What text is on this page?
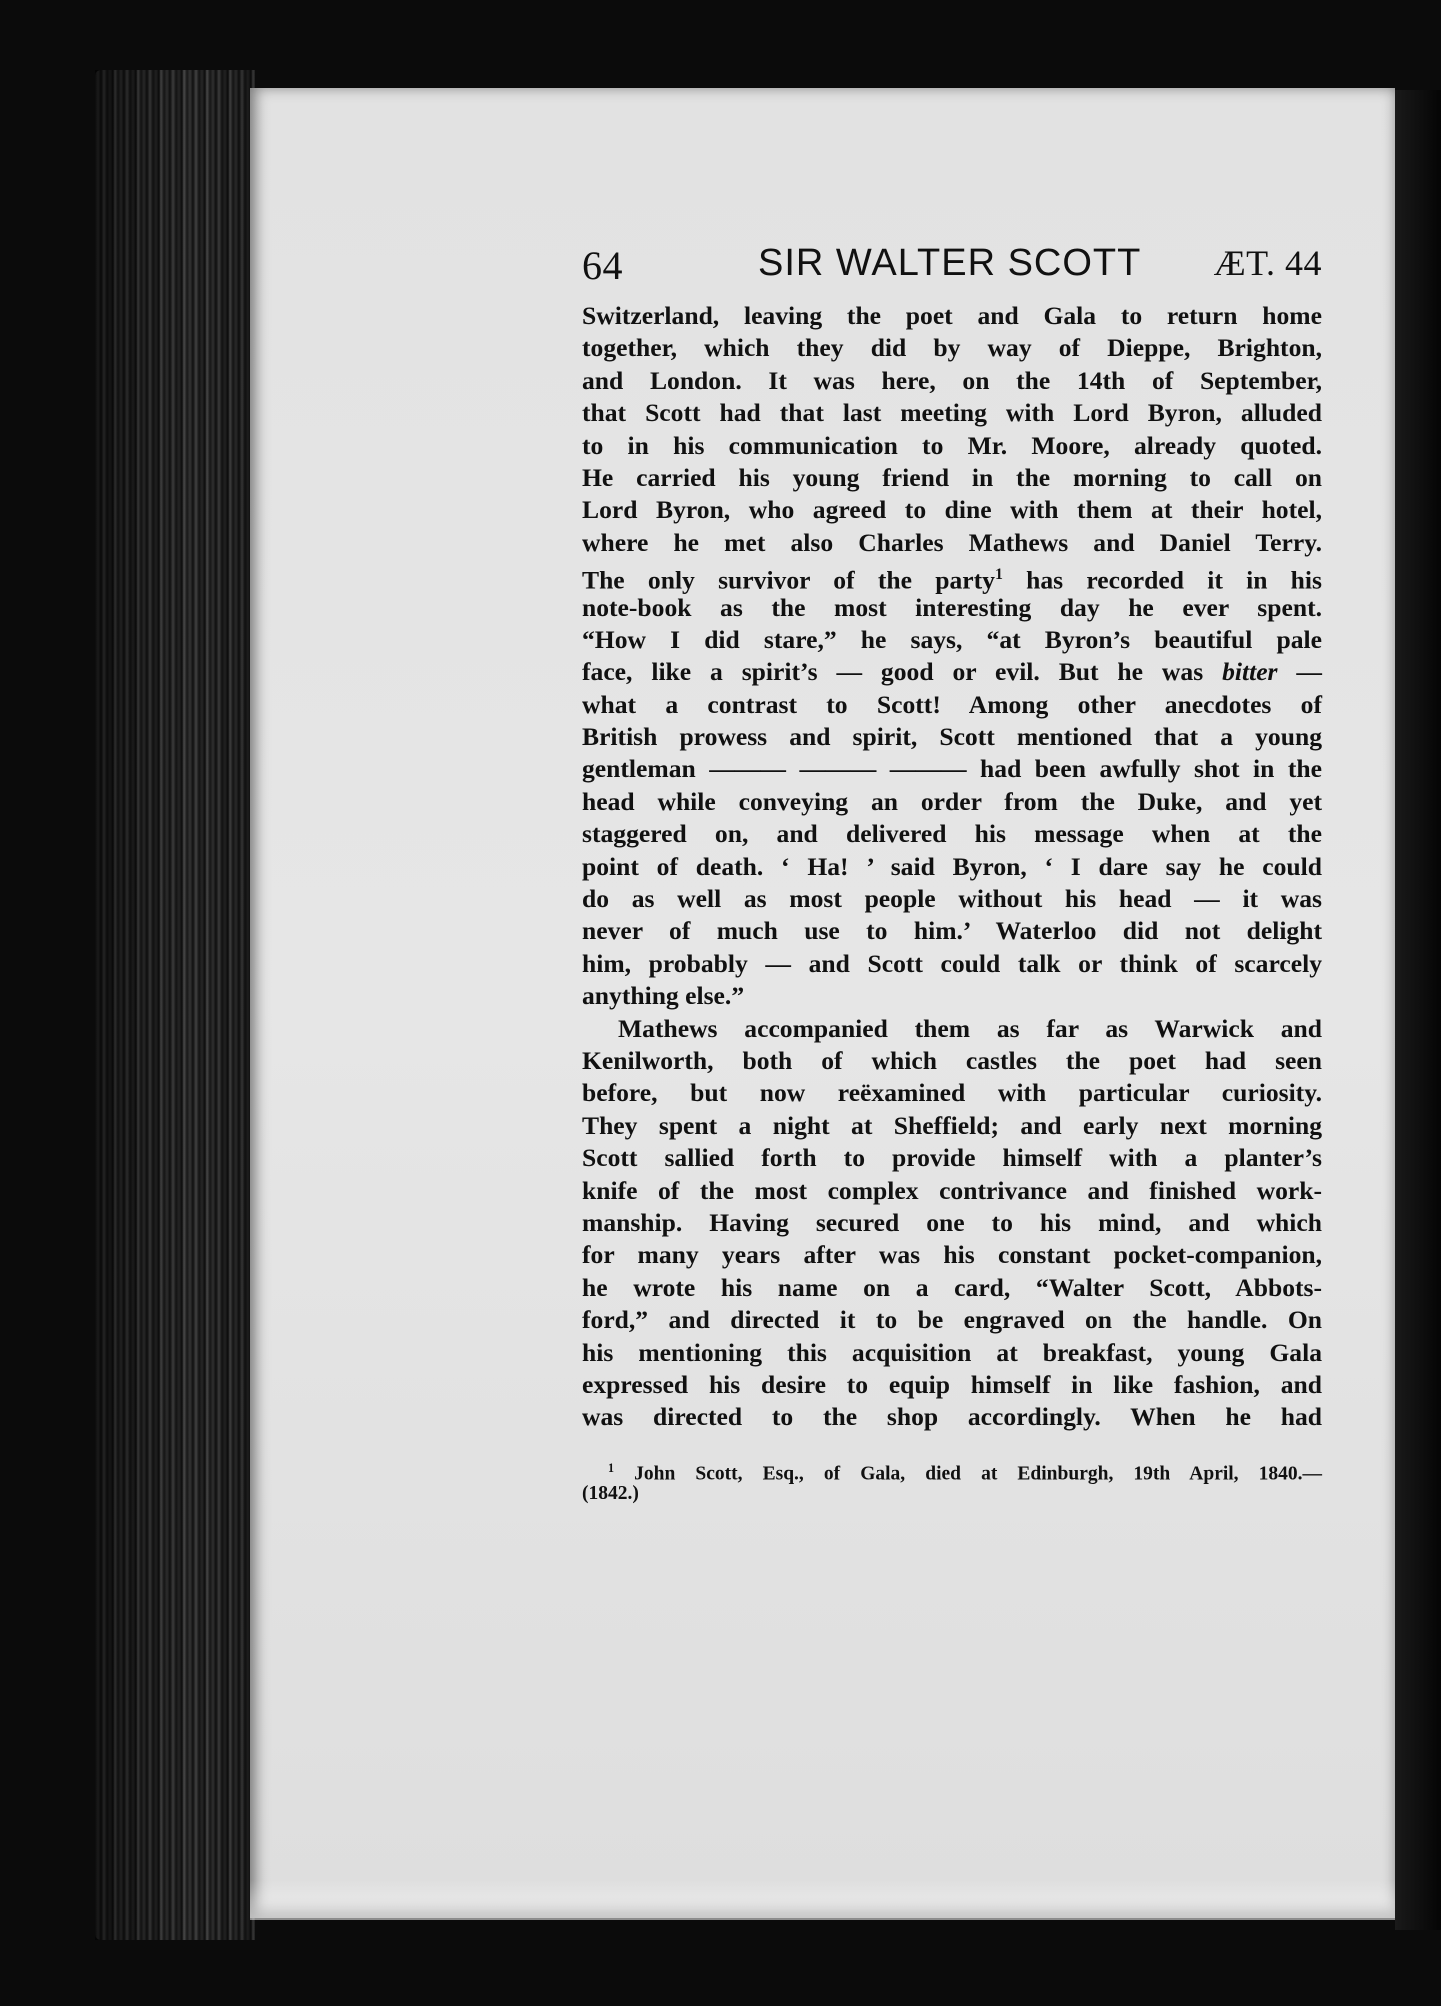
64	SIR WALTER SCOTT ÆT. 44
Switzerland, leaving the poet and Gala to return home
together, which they did by way of Dieppe, Brighton,
and London. It was here, on the 14th of September,
that Scott had that last meeting with Lord Byron, alluded
to in his communication to Mr. Moore, already quoted.
He carried his young friend in the morning to call on
Lord Byron, who agreed to dine with them at their hotel,
where he met also Charles Mathews and Daniel Terry.
The only survivor of the party$^1$ has recorded it in his
note-book as the most interesting day he ever spent.
“How I did stare,” he says, “at Byron’s beautiful pale
face, like a spirit’s — good or evil. But he was bitter —
what a contrast to Scott! Among other anecdotes of
British prowess and spirit, Scott mentioned that a young
gentleman ——— ——— ——— had been awfully shot in the
head while conveying an order from the Duke, and yet
staggered on, and delivered his message when at the
point of death. ‘ Ha! ’ said Byron, ‘ I dare say he could
do as well as most people without his head — it was
never of much use to him.’ Waterloo did not delight
him, probably — and Scott could talk or think of scarcely
anything else.”
Mathews accompanied them as far as Warwick and
Kenilworth, both of which castles the poet had seen
before, but now reëxamined with particular curiosity.
They spent a night at Sheffield; and early next morning
Scott sallied forth to provide himself with a planter’s
knife of the most complex contrivance and finished work-
manship. Having secured one to his mind, and which
for many years after was his constant pocket-companion,
he wrote his name on a card, “Walter Scott, Abbots-
ford,” and directed it to be engraved on the handle. On
his mentioning this acquisition at breakfast, young Gala
expressed his desire to equip himself in like fashion, and
was directed to the shop accordingly. When he had
$^1$ John Scott, Esq., of Gala, died at Edinburgh, 19th April, 1840.—
(1842.)
